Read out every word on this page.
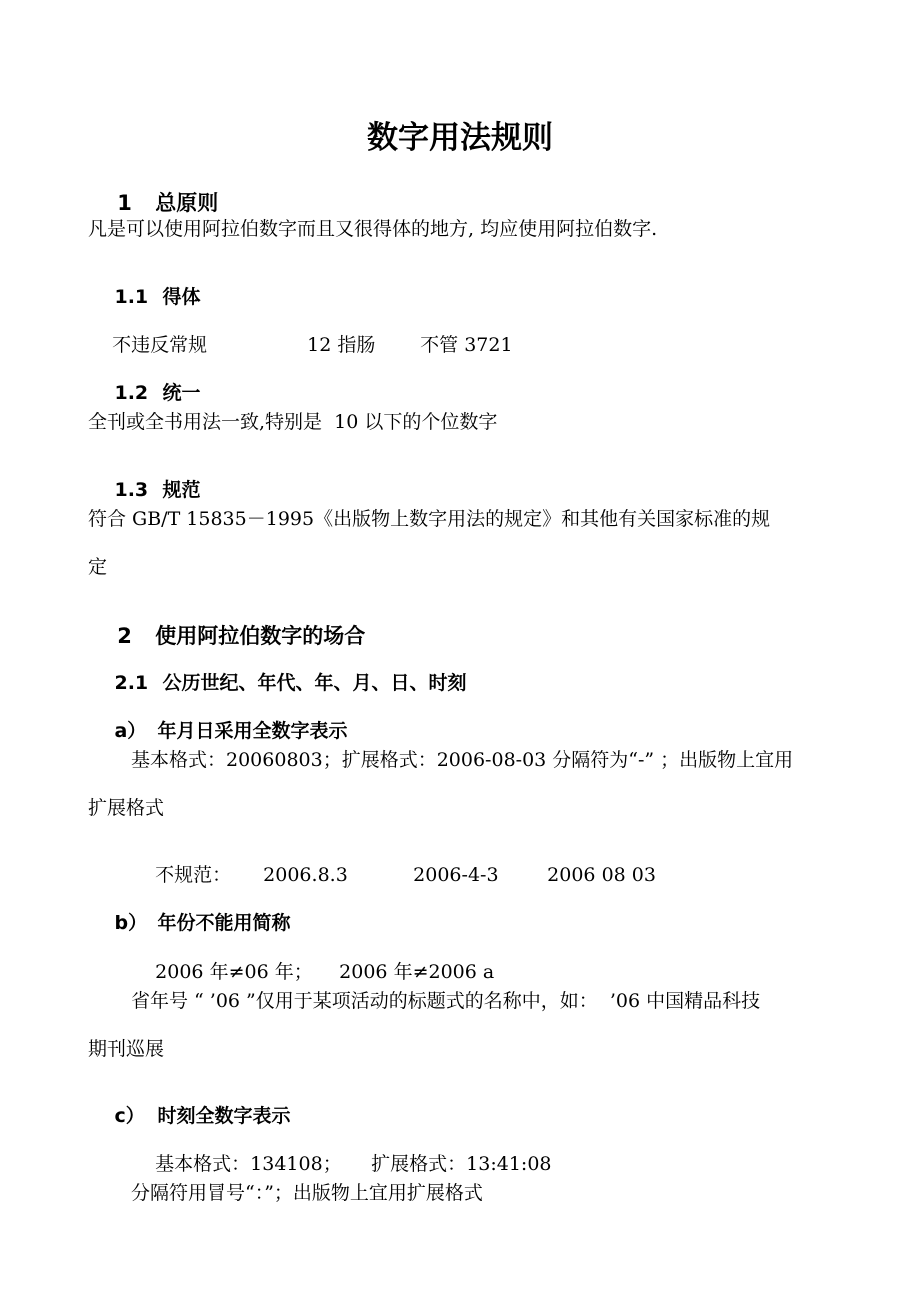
数字用法规则

1 总原则

凡是可以使用阿拉伯数字而且又很得体的地方, 均应使用阿拉伯数字.

1.1 得体

不违反常规	12 指肠 不管 3721

1.2 统一

全刊或全书用法一致,特别是  10 以下的个位数字

1.3 规范

符合 GB/T 15835－1995《出版物上数字用法的规定》和其他有关国家标准的规
定

2 使用阿拉伯数字的场合

2.1 公历世纪、年代、年、月、日、时刻

a） 年月日采用全数字表示

基本格式：20060803；扩展格式：2006-08-03 分隔符为“-” ；出版物上宜用
扩展格式

不规范： 2006.8.3	2006-4-3	2006 08 03

b） 年份不能用简称

2006 年≠06 年； 2006 年≠2006 a

省年号 “ ’06 ”仅用于某项活动的标题式的名称中，如：  ’06 中国精品科技
期刊巡展

c） 时刻全数字表示

基本格式：134108； 扩展格式：13:41:08

分隔符用冒号“：”；出版物上宜用扩展格式
